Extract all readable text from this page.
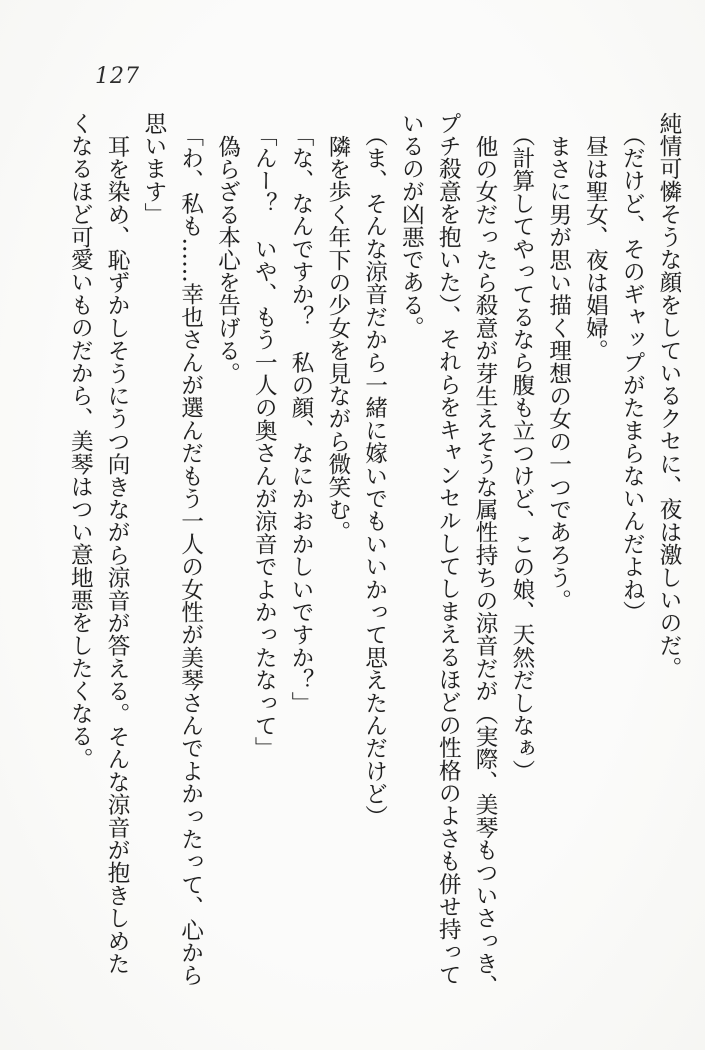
127
純情可憐そうな顔をしているクセに、夜は激しいのだ。
（だけど、そのギャップがたまらないんだよね）
昼は聖女、夜は娼婦。
まさに男が思い描く理想の女の一つであろう。
（計算してやってるなら腹も立つけど、この娘、天然だしなぁ）
他の女だったら殺意が芽生えそうな属性持ちの涼音だが（実際、美琴もついさっき、
プチ殺意を抱いた）、それらをキャンセルしてしまえるほどの性格のよさも併せ持って
いるのが凶悪である。
（ま、そんな涼音だから一緒に嫁いでもいいかって思えたんだけど）
隣を歩く年下の少女を見ながら微笑む。
「な、なんですか？　私の顔、なにかおかしいですか？」
「んー？　いや、もう一人の奥さんが涼音でよかったなって」
偽らざる本心を告げる。
「わ、私も……幸也さんが選んだもう一人の女性が美琴さんでよかったって、心から
思います」
耳を染め、恥ずかしそうにうつ向きながら涼音が答える。そんな涼音が抱きしめた
くなるほど可愛いものだから、美琴はつい意地悪をしたくなる。
